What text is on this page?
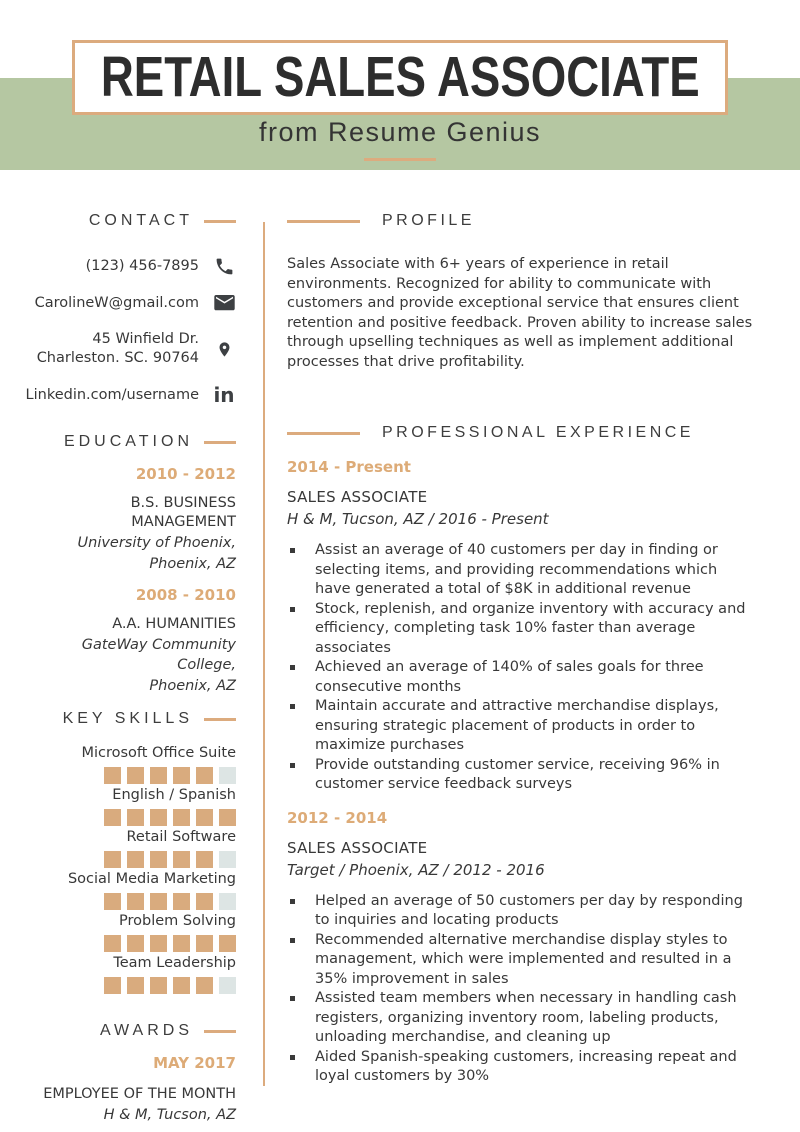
RETAIL SALES ASSOCIATE
from Resume Genius
CONTACT
(123) 456-7895
CarolineW@gmail.com
45 Winfield Dr.
Charleston. SC. 90764
Linkedin.com/username in
EDUCATION
2010 - 2012
B.S. BUSINESS MANAGEMENT
University of Phoenix,
Phoenix, AZ
2008 - 2010
A.A. HUMANITIES
GateWay Community College,
Phoenix, AZ
KEY SKILLS
Microsoft Office Suite
English / Spanish
Retail Software
Social Media Marketing
Problem Solving
Team Leadership
AWARDS
MAY 2017
EMPLOYEE OF THE MONTH
H & M, Tucson, AZ
PROFILE

Sales Associate with 6+ years of experience in retail environments. Recognized for ability to communicate with customers and provide exceptional service that ensures client retention and positive feedback. Proven ability to increase sales through upselling techniques as well as implement additional processes that drive profitability.

PROFESSIONAL EXPERIENCE
2014 - Present
SALES ASSOCIATE
H & M, Tucson, AZ / 2016 - Present
Assist an average of 40 customers per day in finding or selecting items, and providing recommendations which have generated a total of $8K in additional revenue
Stock, replenish, and organize inventory with accuracy and efficiency, completing task 10% faster than average associates
Achieved an average of 140% of sales goals for three consecutive months
Maintain accurate and attractive merchandise displays, ensuring strategic placement of products in order to maximize purchases
Provide outstanding customer service, receiving 96% in customer service feedback surveys
2012 - 2014
SALES ASSOCIATE
Target / Phoenix, AZ / 2012 - 2016
Helped an average of 50 customers per day by responding to inquiries and locating products
Recommended alternative merchandise display styles to management, which were implemented and resulted in a 35% improvement in sales
Assisted team members when necessary in handling cash registers, organizing inventory room, labeling products, unloading merchandise, and cleaning up
Aided Spanish-speaking customers, increasing repeat and loyal customers by 30%
